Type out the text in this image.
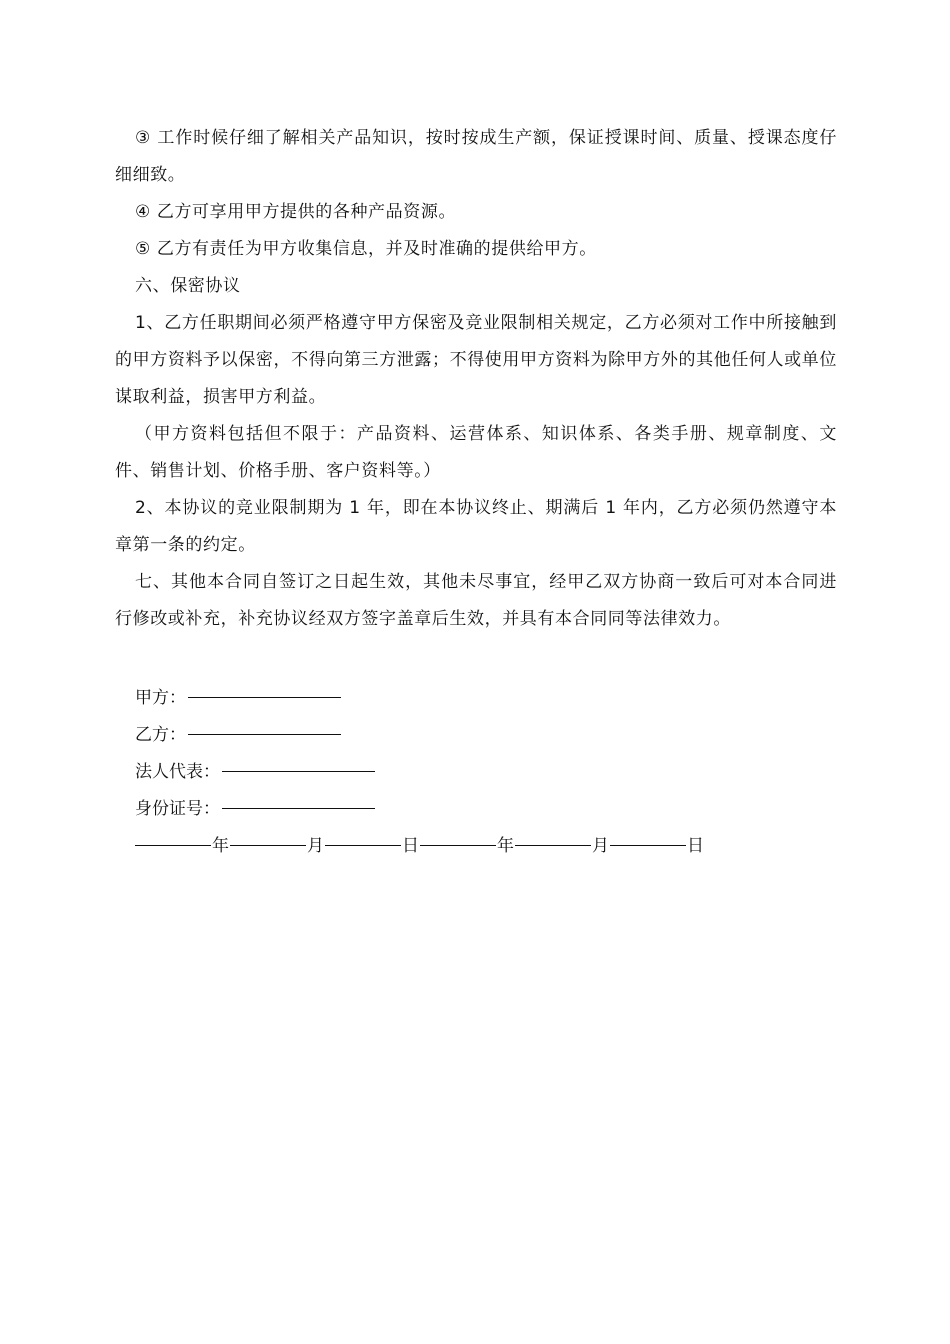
③ 工作时候仔细了解相关产品知识，按时按成生产额，保证授课时间、质量、授课态度仔细细致。

④ 乙方可享用甲方提供的各种产品资源。

⑤ 乙方有责任为甲方收集信息，并及时准确的提供给甲方。

六、保密协议

1、乙方任职期间必须严格遵守甲方保密及竞业限制相关规定，乙方必须对工作中所接触到的甲方资料予以保密，不得向第三方泄露；不得使用甲方资料为除甲方外的其他任何人或单位谋取利益，损害甲方利益。

（甲方资料包括但不限于：产品资料、运营体系、知识体系、各类手册、规章制度、文件、销售计划、价格手册、客户资料等。）

2、本协议的竞业限制期为 1 年，即在本协议终止、期满后 1 年内，乙方必须仍然遵守本章第一条的约定。

七、其他本合同自签订之日起生效，其他未尽事宜，经甲乙双方协商一致后可对本合同进行修改或补充，补充协议经双方签字盖章后生效，并具有本合同同等法律效力。

甲方：
乙方：
法人代表：
身份证号：
年	月	日	年	月	日
